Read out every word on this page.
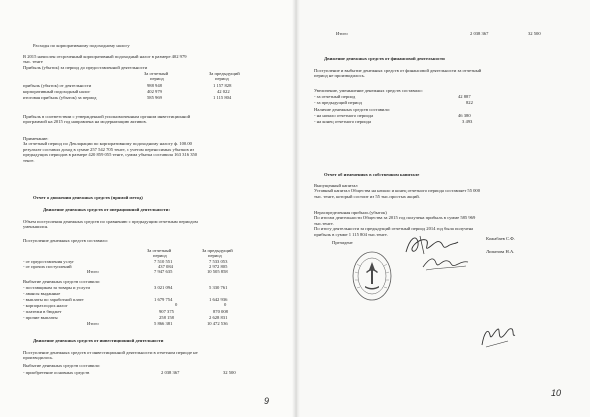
Расходы по корпоративному подоходному налогу
В 2015 начислен отсроченный корпоративный подоходный налог в размере 402 979
тыс. тенге
Прибыль (убыток) за период до предоставленной деятельности
За отчетный
период
За предыдущий
период
прибыль (убыток) от деятельности	988 948	1 157 828
корпоративный подоходный налог	402 979	42 022
итоговая прибыль (убыток) за период	585 969	1 115 804
Прибыль в соответствии с утвержденной уполномоченным органом инвестиционной
программой на 2015 год направлена на модернизацию активов.
Примечание:
За отчетный период по Декларации по корпоративному подоходному налогу ф. 100.00
результат составил доход в сумме 257 542 705 тенге, с учетом переносимых убытков из
предыдущих периодов в размере 420 859 055 тенге, сумма убытка составила 163 316 350
тенге.
Отчет о движении денежных средств (прямой метод)
Движение денежных средств от операционной деятельности:
Объем поступления денежных средств по сравнению с предыдущим отчетным периодом
уменьшился.
Поступление денежных средств составило:
За отчетный
период
За предыдущий
период
- от предоставления услуг	7 510 551	7 533 053
- от прочих поступлений	437 084	2 972 805
Итого	7 947 635	10 505 858
Выбытие денежных средств составило:
- поставщикам за товары и услуги	3 021 094	5 330 761
- авансы выданные
- выплаты по заработной плате	1 679 754	1 642 936
- корпорат.подох.налог	0	0
- платежи в бюджет	907 375	870 008
- прочие выплаты	258 158	2 628 831
Итого	5 866 381	10 472 536
Движение денежных средств от инвестиционной деятельности
Поступление денежных средств от инвестиционной деятельности в отчетном периоде не
производилось.
Выбытие денежных средств составило:
- приобретение основных средств	2 038 367	32 500
9
Итого	2 038 367	32 500
Движение денежных средств от финансовой деятельности
Поступление и выбытие денежных средств от финансовой деятельности за отчетный
период не производилось.
Увеличение, уменьшение денежных средств составило:
- за отчетный период	42 887
- за предыдущий период	822
Наличие денежных средств составило:
- на начало отчетного периода	46 380
- на конец отчетного периода	3 493
Отчет об изменениях в собственном капитале
Выпущенный капитал
Уставный капитал Общества на начало и конец отчетного периода составляет 55 000
тыс. тенге, который состоит из 55 тыс.простых акций.
Нераспределенная прибыль (убыток)
По итогам деятельности Общества за 2015 год получена прибыль в сумме 585 969
тыс.тенге.
По итогу деятельности за предыдущий отчетный период 2014 год была получена
прибыль в сумме 1 115 804 тыс.тенге.
Президент
Кожабаев С.Ф.
Липатова Н.А.
10
